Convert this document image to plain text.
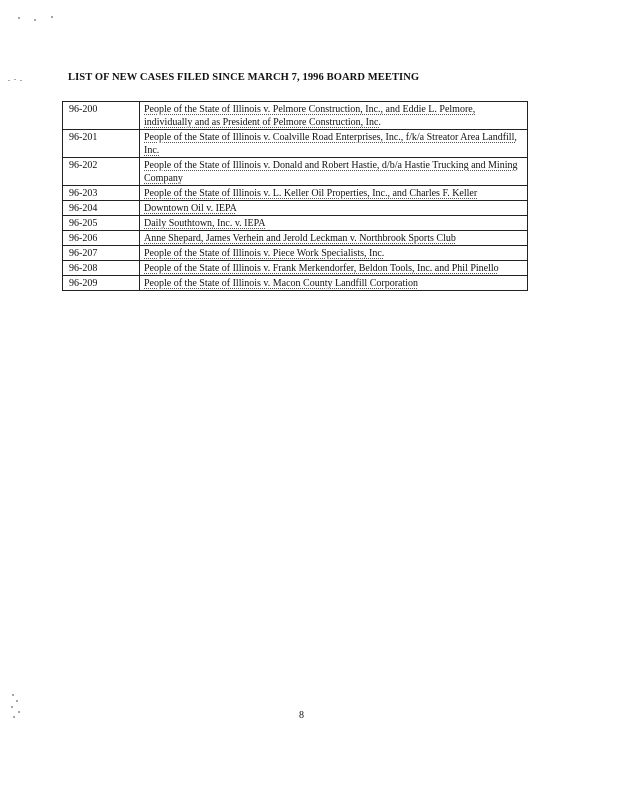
LIST OF NEW CASES FILED SINCE MARCH 7, 1996 BOARD MEETING
96-200	People of the State of Illinois v. Pelmore Construction, Inc., and Eddie L. Pelmore, individually and as President of Pelmore Construction, Inc.
96-201	People of the State of Illinois v. Coalville Road Enterprises, Inc., f/k/a Streator Area Landfill, Inc.
96-202	People of the State of Illinois v. Donald and Robert Hastie, d/b/a Hastie Trucking and Mining Company
96-203	People of the State of Illinois v. L. Keller Oil Properties, Inc., and Charles F. Keller
96-204	Downtown Oil v. IEPA
96-205	Daily Southtown, Inc. v. IEPA
96-206	Anne Shepard, James Verhein and Jerold Leckman v. Northbrook Sports Club
96-207	People of the State of Illinois v. Piece Work Specialists, Inc.
96-208	People of the State of Illinois v. Frank Merkendorfer, Beldon Tools, Inc. and Phil Pinello
96-209	People of the State of Illinois v. Macon County Landfill Corporation
8
